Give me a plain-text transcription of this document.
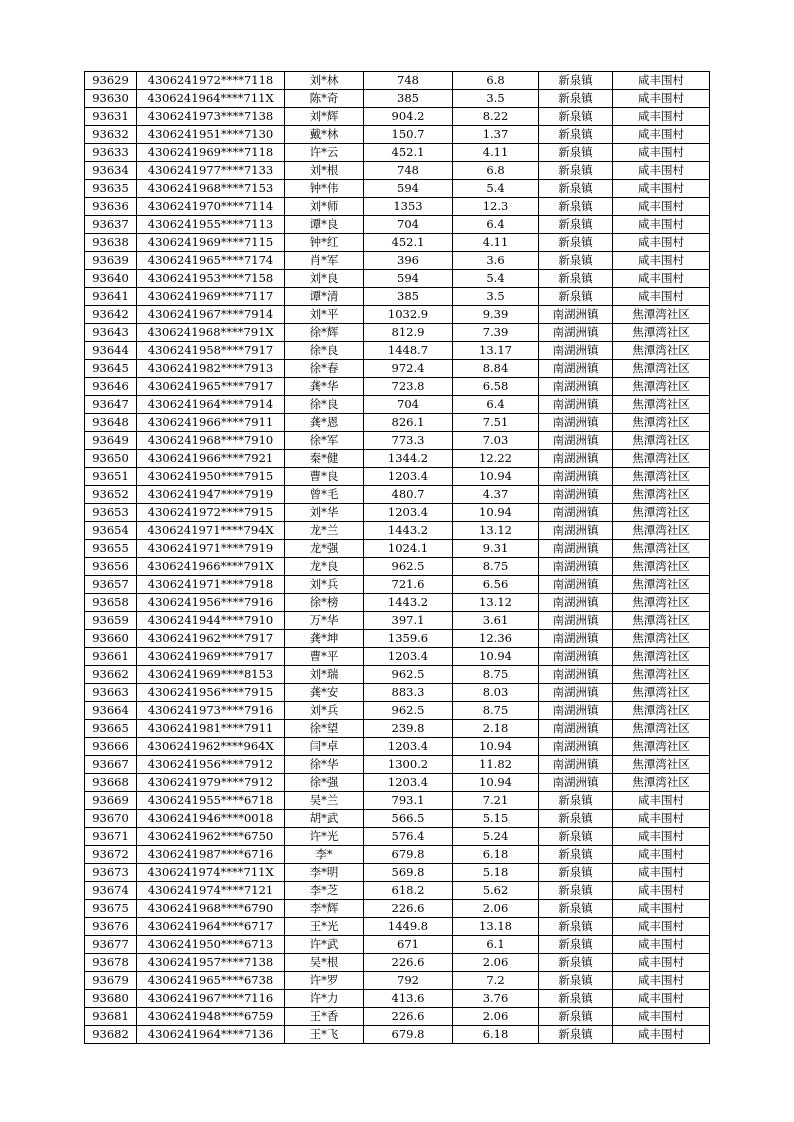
93629	4306241972****7118	刘*林	748	6.8	新泉镇	咸丰围村
93630	4306241964****711X	陈*奇	385	3.5	新泉镇	咸丰围村
93631	4306241973****7138	刘*辉	904.2	8.22	新泉镇	咸丰围村
93632	4306241951****7130	戴*林	150.7	1.37	新泉镇	咸丰围村
93633	4306241969****7118	许*云	452.1	4.11	新泉镇	咸丰围村
93634	4306241977****7133	刘*根	748	6.8	新泉镇	咸丰围村
93635	4306241968****7153	钟*伟	594	5.4	新泉镇	咸丰围村
93636	4306241970****7114	刘*师	1353	12.3	新泉镇	咸丰围村
93637	4306241955****7113	谭*良	704	6.4	新泉镇	咸丰围村
93638	4306241969****7115	钟*红	452.1	4.11	新泉镇	咸丰围村
93639	4306241965****7174	肖*军	396	3.6	新泉镇	咸丰围村
93640	4306241953****7158	刘*良	594	5.4	新泉镇	咸丰围村
93641	4306241969****7117	谭*清	385	3.5	新泉镇	咸丰围村
93642	4306241967****7914	刘*平	1032.9	9.39	南湖洲镇	焦潭湾社区
93643	4306241968****791X	徐*辉	812.9	7.39	南湖洲镇	焦潭湾社区
93644	4306241958****7917	徐*良	1448.7	13.17	南湖洲镇	焦潭湾社区
93645	4306241982****7913	徐*春	972.4	8.84	南湖洲镇	焦潭湾社区
93646	4306241965****7917	龚*华	723.8	6.58	南湖洲镇	焦潭湾社区
93647	4306241964****7914	徐*良	704	6.4	南湖洲镇	焦潭湾社区
93648	4306241966****7911	龚*恩	826.1	7.51	南湖洲镇	焦潭湾社区
93649	4306241968****7910	徐*军	773.3	7.03	南湖洲镇	焦潭湾社区
93650	4306241966****7921	秦*健	1344.2	12.22	南湖洲镇	焦潭湾社区
93651	4306241950****7915	曹*良	1203.4	10.94	南湖洲镇	焦潭湾社区
93652	4306241947****7919	曾*毛	480.7	4.37	南湖洲镇	焦潭湾社区
93653	4306241972****7915	刘*华	1203.4	10.94	南湖洲镇	焦潭湾社区
93654	4306241971****794X	龙*兰	1443.2	13.12	南湖洲镇	焦潭湾社区
93655	4306241971****7919	龙*强	1024.1	9.31	南湖洲镇	焦潭湾社区
93656	4306241966****791X	龙*良	962.5	8.75	南湖洲镇	焦潭湾社区
93657	4306241971****7918	刘*兵	721.6	6.56	南湖洲镇	焦潭湾社区
93658	4306241956****7916	徐*榜	1443.2	13.12	南湖洲镇	焦潭湾社区
93659	4306241944****7910	万*华	397.1	3.61	南湖洲镇	焦潭湾社区
93660	4306241962****7917	龚*坤	1359.6	12.36	南湖洲镇	焦潭湾社区
93661	4306241969****7917	曹*平	1203.4	10.94	南湖洲镇	焦潭湾社区
93662	4306241969****8153	刘*瑞	962.5	8.75	南湖洲镇	焦潭湾社区
93663	4306241956****7915	龚*安	883.3	8.03	南湖洲镇	焦潭湾社区
93664	4306241973****7916	刘*兵	962.5	8.75	南湖洲镇	焦潭湾社区
93665	4306241981****7911	徐*望	239.8	2.18	南湖洲镇	焦潭湾社区
93666	4306241962****964X	闫*卓	1203.4	10.94	南湖洲镇	焦潭湾社区
93667	4306241956****7912	徐*华	1300.2	11.82	南湖洲镇	焦潭湾社区
93668	4306241979****7912	徐*强	1203.4	10.94	南湖洲镇	焦潭湾社区
93669	4306241955****6718	吴*兰	793.1	7.21	新泉镇	咸丰围村
93670	4306241946****0018	胡*武	566.5	5.15	新泉镇	咸丰围村
93671	4306241962****6750	许*光	576.4	5.24	新泉镇	咸丰围村
93672	4306241987****6716	李*	679.8	6.18	新泉镇	咸丰围村
93673	4306241974****711X	李*明	569.8	5.18	新泉镇	咸丰围村
93674	4306241974****7121	李*芝	618.2	5.62	新泉镇	咸丰围村
93675	4306241968****6790	李*辉	226.6	2.06	新泉镇	咸丰围村
93676	4306241964****6717	王*光	1449.8	13.18	新泉镇	咸丰围村
93677	4306241950****6713	许*武	671	6.1	新泉镇	咸丰围村
93678	4306241957****7138	吴*根	226.6	2.06	新泉镇	咸丰围村
93679	4306241965****6738	许*罗	792	7.2	新泉镇	咸丰围村
93680	4306241967****7116	许*力	413.6	3.76	新泉镇	咸丰围村
93681	4306241948****6759	王*香	226.6	2.06	新泉镇	咸丰围村
93682	4306241964****7136	王*飞	679.8	6.18	新泉镇	咸丰围村
